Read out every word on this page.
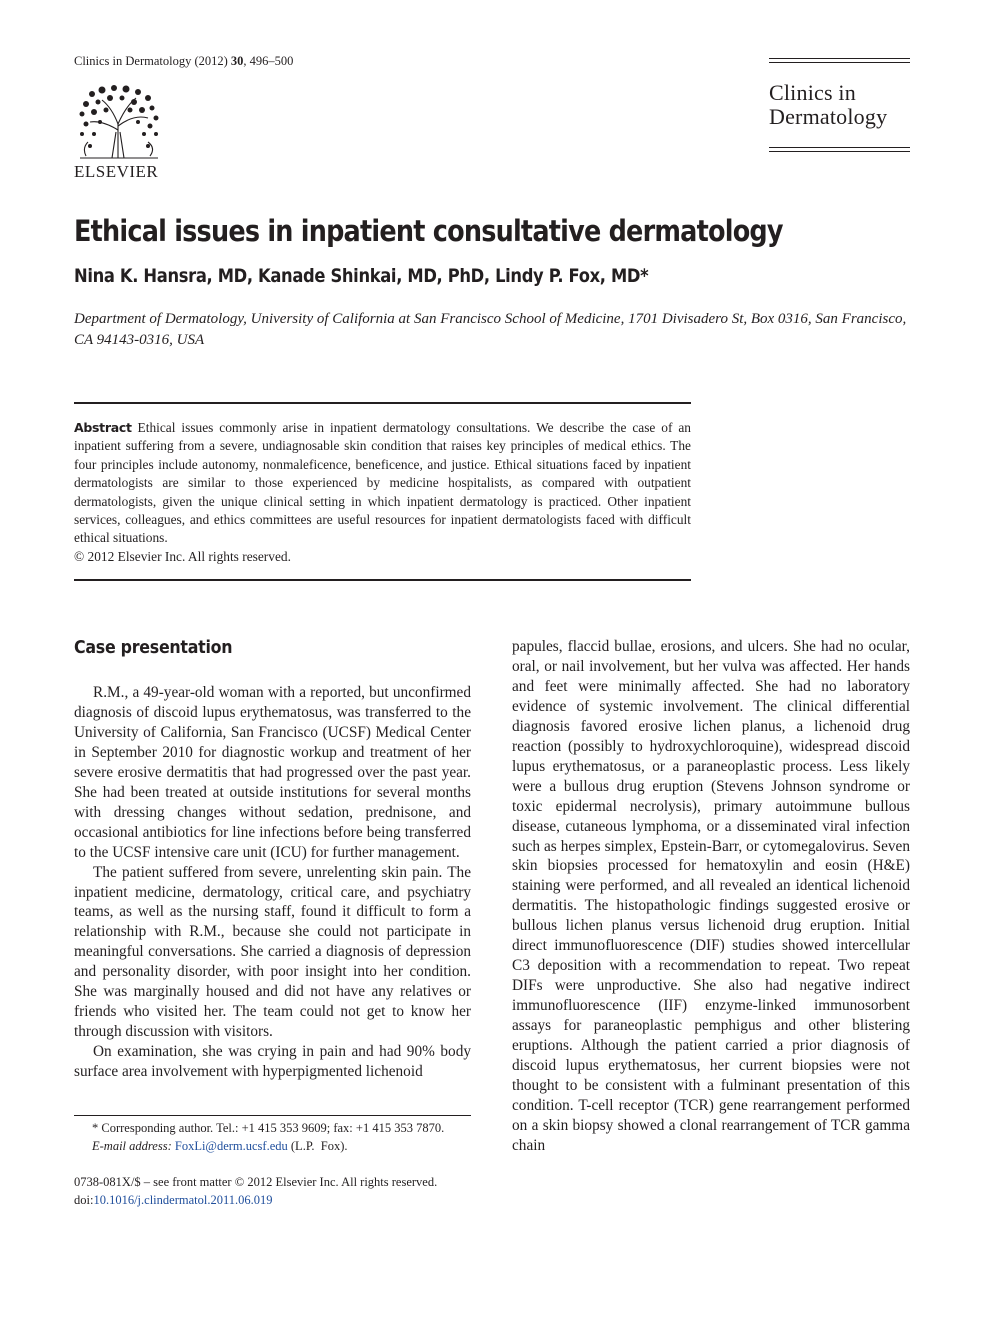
Clinics in Dermatology (2012) 30, 496–500
ELSEVIER
Clinics in
Dermatology
Ethical issues in inpatient consultative dermatology
Nina K. Hansra, MD, Kanade Shinkai, MD, PhD, Lindy P. Fox, MD*
Department of Dermatology, University of California at San Francisco School of Medicine, 1701 Divisadero St, Box 0316, San Francisco, CA 94143-0316, USA
Abstract Ethical issues commonly arise in inpatient dermatology consultations. We describe the case of an inpatient suffering from a severe, undiagnosable skin condition that raises key principles of medical ethics. The four principles include autonomy, nonmaleficence, beneficence, and justice. Ethical situations faced by inpatient dermatologists are similar to those experienced by medicine hospitalists, as compared with outpatient dermatologists, given the unique clinical setting in which inpatient dermatology is practiced. Other inpatient services, colleagues, and ethics committees are useful resources for inpatient dermatologists faced with difficult ethical situations.
© 2012 Elsevier Inc. All rights reserved.
Case presentation

R.M., a 49-year-old woman with a reported, but unconfirmed diagnosis of discoid lupus erythematosus, was transferred to the University of California, San Francisco (UCSF) Medical Center in September 2010 for diagnostic workup and treatment of her severe erosive dermatitis that had progressed over the past year. She had been treated at outside institutions for several months with dressing changes without sedation, prednisone, and occasional antibiotics for line infections before being transferred to the UCSF intensive care unit (ICU) for further management.

The patient suffered from severe, unrelenting skin pain. The inpatient medicine, dermatology, critical care, and psychiatry teams, as well as the nursing staff, found it difficult to form a relationship with R.M., because she could not participate in meaningful conversations. She carried a diagnosis of depression and personality disorder, with poor insight into her condition. She was marginally housed and did not have any relatives or friends who visited her. The team could not get to know her through discussion with visitors.

On examination, she was crying in pain and had 90% body surface area involvement with hyperpigmented lichenoid

papules, flaccid bullae, erosions, and ulcers. She had no ocular, oral, or nail involvement, but her vulva was affected. Her hands and feet were minimally affected. She had no laboratory evidence of systemic involvement. The clinical differential diagnosis favored erosive lichen planus, a lichenoid drug reaction (possibly to hydroxychloroquine), widespread discoid lupus erythematosus, or a paraneoplastic process. Less likely were a bullous drug eruption (Stevens Johnson syndrome or toxic epidermal necrolysis), primary autoimmune bullous disease, cutaneous lymphoma, or a disseminated viral infection such as herpes simplex, Epstein-Barr, or cytomegalovirus. Seven skin biopsies processed for hematoxylin and eosin (H&E) staining were performed, and all revealed an identical lichenoid dermatitis. The histopathologic findings suggested erosive or bullous lichen planus versus lichenoid drug eruption. Initial direct immunofluorescence (DIF) studies showed intercellular C3 deposition with a recommendation to repeat. Two repeat DIFs were unproductive. She also had negative indirect immunofluorescence (IIF) enzyme-linked immunosorbent assays for paraneoplastic pemphigus and other blistering eruptions. Although the patient carried a prior diagnosis of discoid lupus erythematosus, her current biopsies were not thought to be consistent with a fulminant presentation of this condition. T-cell receptor (TCR) gene rearrangement performed on a skin biopsy showed a clonal rearrangement of TCR gamma chain

* Corresponding author. Tel.: +1 415 353 9609; fax: +1 415 353 7870.
E-mail address: FoxLi@derm.ucsf.edu (L.P.  Fox).
0738-081X/$ – see front matter © 2012 Elsevier Inc. All rights reserved.
doi:10.1016/j.clindermatol.2011.06.019
